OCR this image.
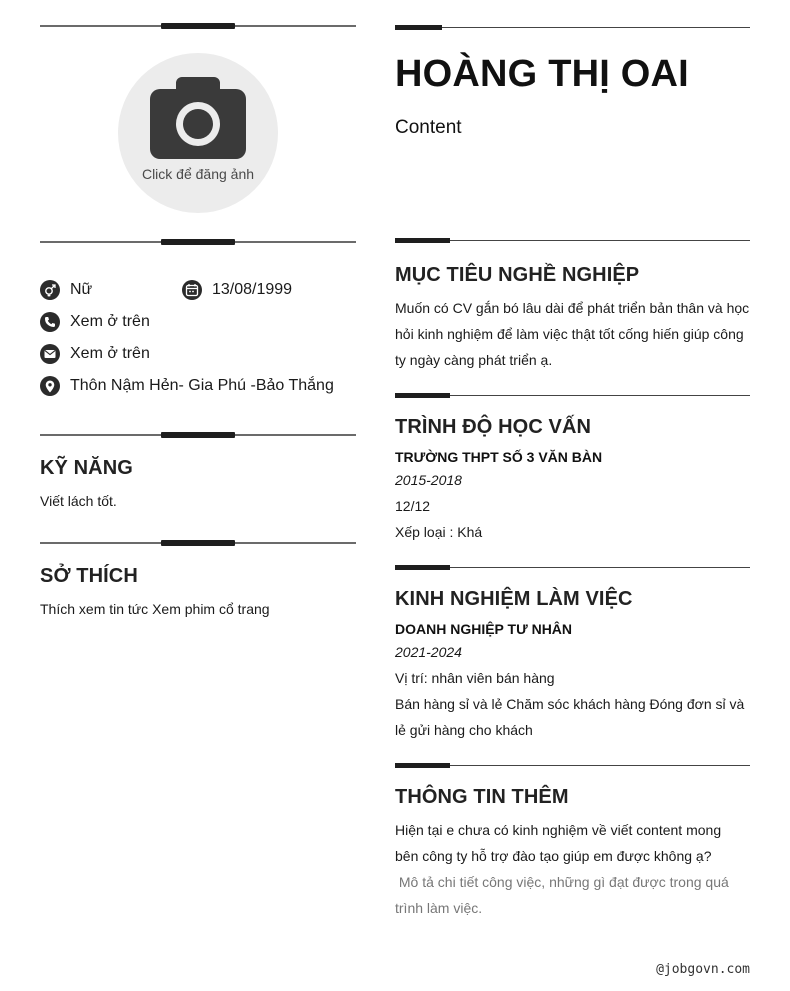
Click để đăng ảnh
Nữ	13/08/1999
Xem ở trên
Xem ở trên
Thôn Nậm Hẻn- Gia Phú -Bảo Thắng
KỸ NĂNG
Viết lách tốt.
SỞ THÍCH
Thích xem tin tức Xem phim cổ trang
HOÀNG THỊ OAI
Content
MỤC TIÊU NGHỀ NGHIỆP
Muốn có CV gắn bó lâu dài để phát triển bản thân và học hỏi kinh nghiệm để làm việc thật tốt cống hiến giúp công ty ngày càng phát triển ạ.
TRÌNH ĐỘ HỌC VẤN
TRƯỜNG THPT SỐ 3 VĂN BÀN
2015-2018
12/12
Xếp loại : Khá
KINH NGHIỆM LÀM VIỆC
DOANH NGHIỆP TƯ NHÂN
2021-2024
Vị trí: nhân viên bán hàng
Bán hàng sỉ và lẻ Chăm sóc khách hàng Đóng đơn sỉ và lẻ gửi hàng cho khách
THÔNG TIN THÊM
Hiện tại e chưa có kinh nghiệm về viết content mong bên công ty hỗ trợ đào tạo giúp em được không ạ?
Mô tả chi tiết công việc, những gì đạt được trong quá trình làm việc.
@jobgovn.com
